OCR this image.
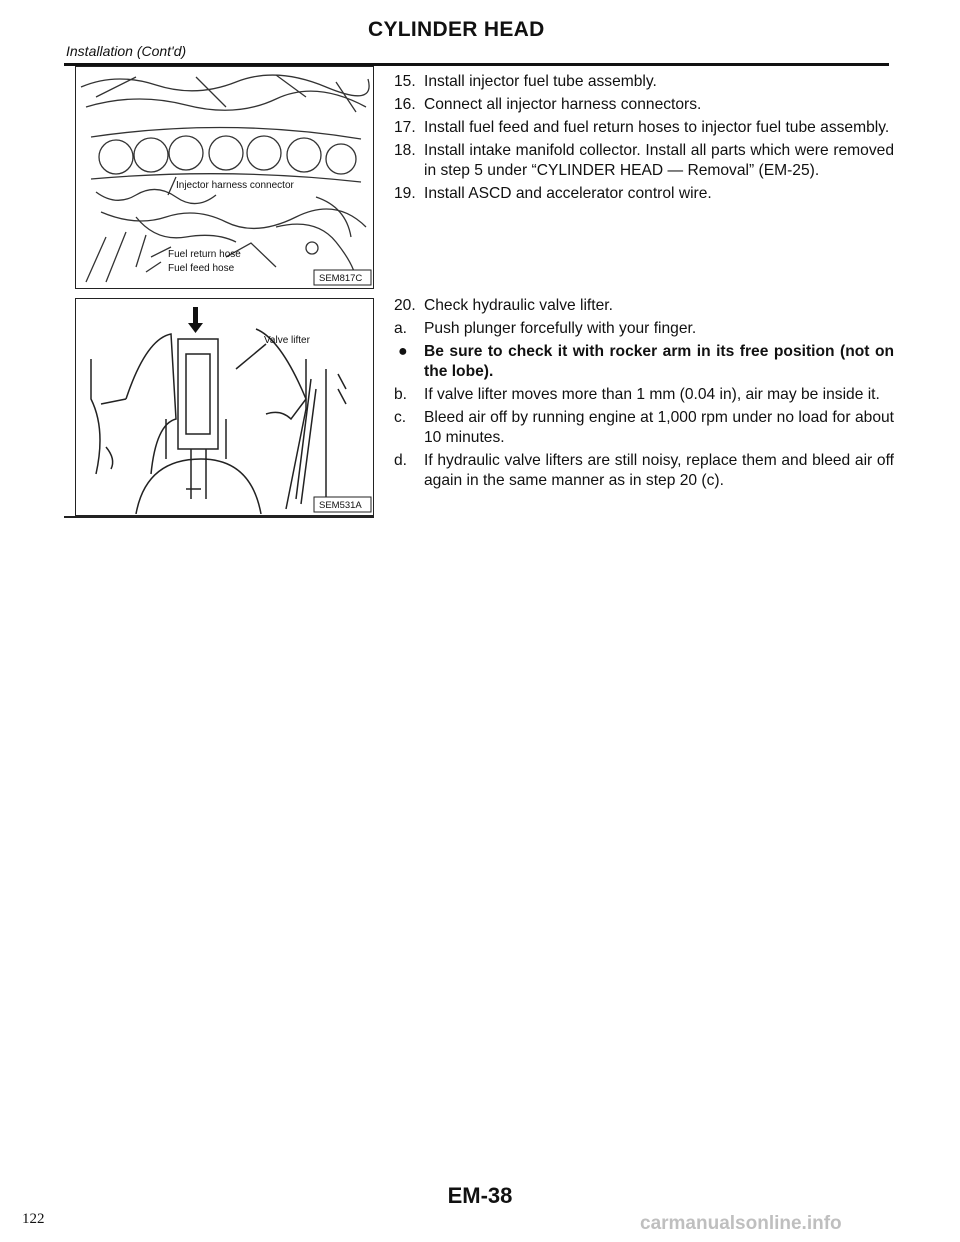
CYLINDER HEAD
Installation (Cont'd)
Injector harness connector
Fuel return hose
Fuel feed hose
SEM817C
Valve lifter
SEM531A
15. Install injector fuel tube assembly.
16. Connect all injector harness connectors.
17. Install fuel feed and fuel return hoses to injector fuel tube assembly.
18. Install intake manifold collector. Install all parts which were removed in step 5 under “CYLINDER HEAD — Removal” (EM-25).
19. Install ASCD and accelerator control wire.
20. Check hydraulic valve lifter.
a.	Push plunger forcefully with your finger.
●	Be sure to check it with rocker arm in its free position (not on the lobe).
b.	If valve lifter moves more than 1 mm (0.04 in), air may be inside it.
c.	Bleed air off by running engine at 1,000 rpm under no load for about 10 minutes.
d.	If hydraulic valve lifters are still noisy, replace them and bleed air off again in the same manner as in step 20 (c).
EM-38
122	carmanualsonline.info
